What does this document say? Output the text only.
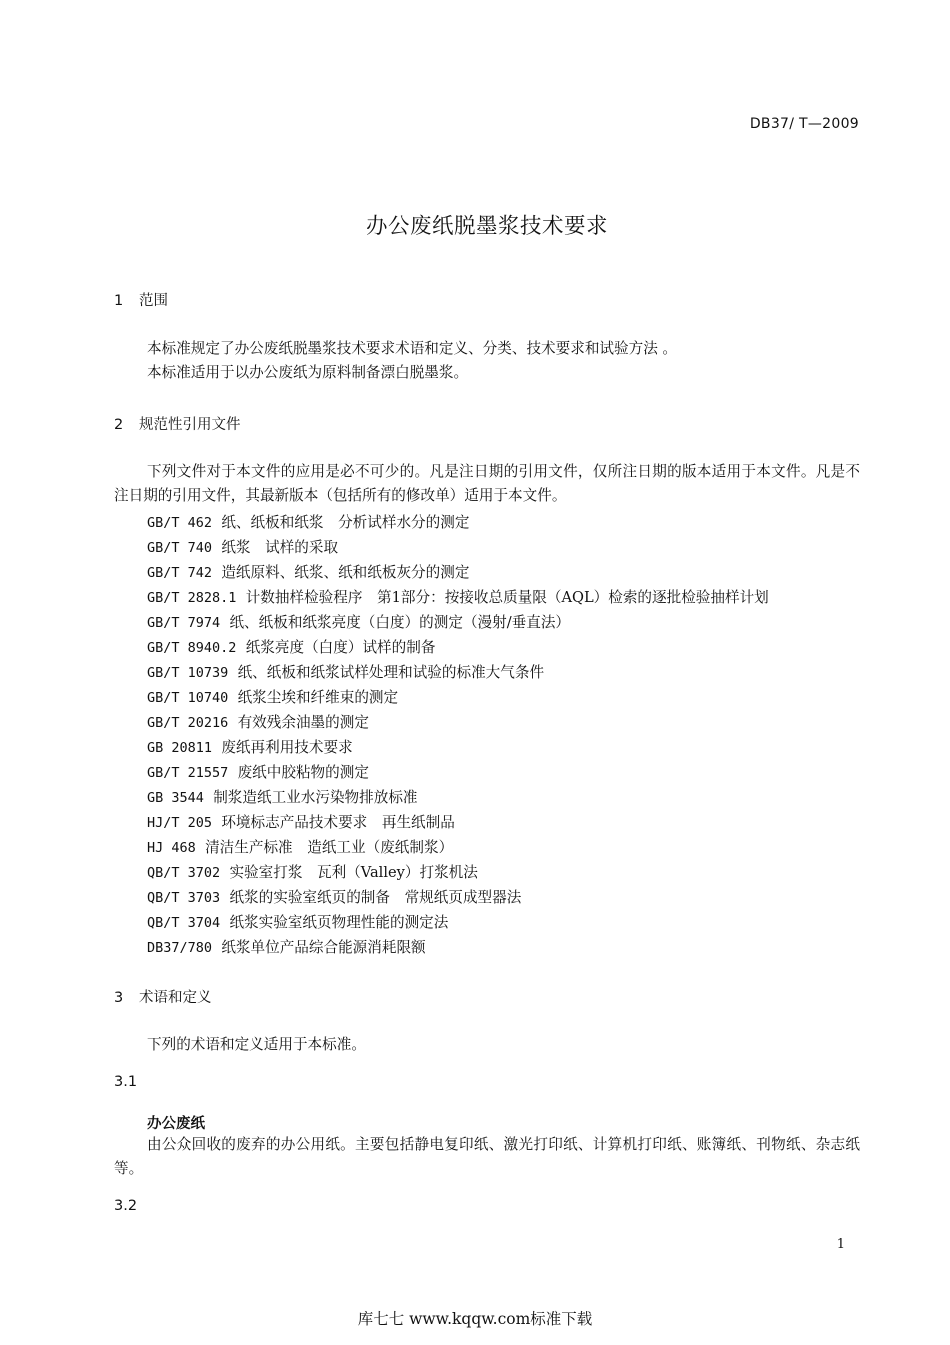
DB37/ T—2009
办公废纸脱墨浆技术要求
1 范围
本标准规定了办公废纸脱墨浆技术要求术语和定义、分类、技术要求和试验方法 。
本标准适用于以办公废纸为原料制备漂白脱墨浆。
2 规范性引用文件
下列文件对于本文件的应用是必不可少的。凡是注日期的引用文件，仅所注日期的版本适用于本文件。凡是不注日期的引用文件，其最新版本（包括所有的修改单）适用于本文件。
GB/T 462 纸、纸板和纸浆　分析试样水分的测定
GB/T 740 纸浆　试样的采取
GB/T 742 造纸原料、纸浆、纸和纸板灰分的测定
GB/T 2828.1 计数抽样检验程序　第1部分：按接收总质量限（AQL）检索的逐批检验抽样计划
GB/T 7974 纸、纸板和纸浆亮度（白度）的测定（漫射/垂直法）
GB/T 8940.2 纸浆亮度（白度）试样的制备
GB/T 10739 纸、纸板和纸浆试样处理和试验的标准大气条件
GB/T 10740 纸浆尘埃和纤维束的测定
GB/T 20216 有效残余油墨的测定
GB 20811 废纸再利用技术要求
GB/T 21557 废纸中胶粘物的测定
GB 3544 制浆造纸工业水污染物排放标准
HJ/T 205 环境标志产品技术要求　再生纸制品
HJ 468 清洁生产标准　造纸工业（废纸制浆）
QB/T 3702 实验室打浆　瓦利（Valley）打浆机法
QB/T 3703 纸浆的实验室纸页的制备　常规纸页成型器法
QB/T 3704 纸浆实验室纸页物理性能的测定法
DB37/780 纸浆单位产品综合能源消耗限额
3 术语和定义
下列的术语和定义适用于本标准。
3.1
办公废纸
由公众回收的废弃的办公用纸。主要包括静电复印纸、激光打印纸、计算机打印纸、账簿纸、刊物纸、杂志纸等。
3.2
1
库七七 www.kqqw.com标准下载
